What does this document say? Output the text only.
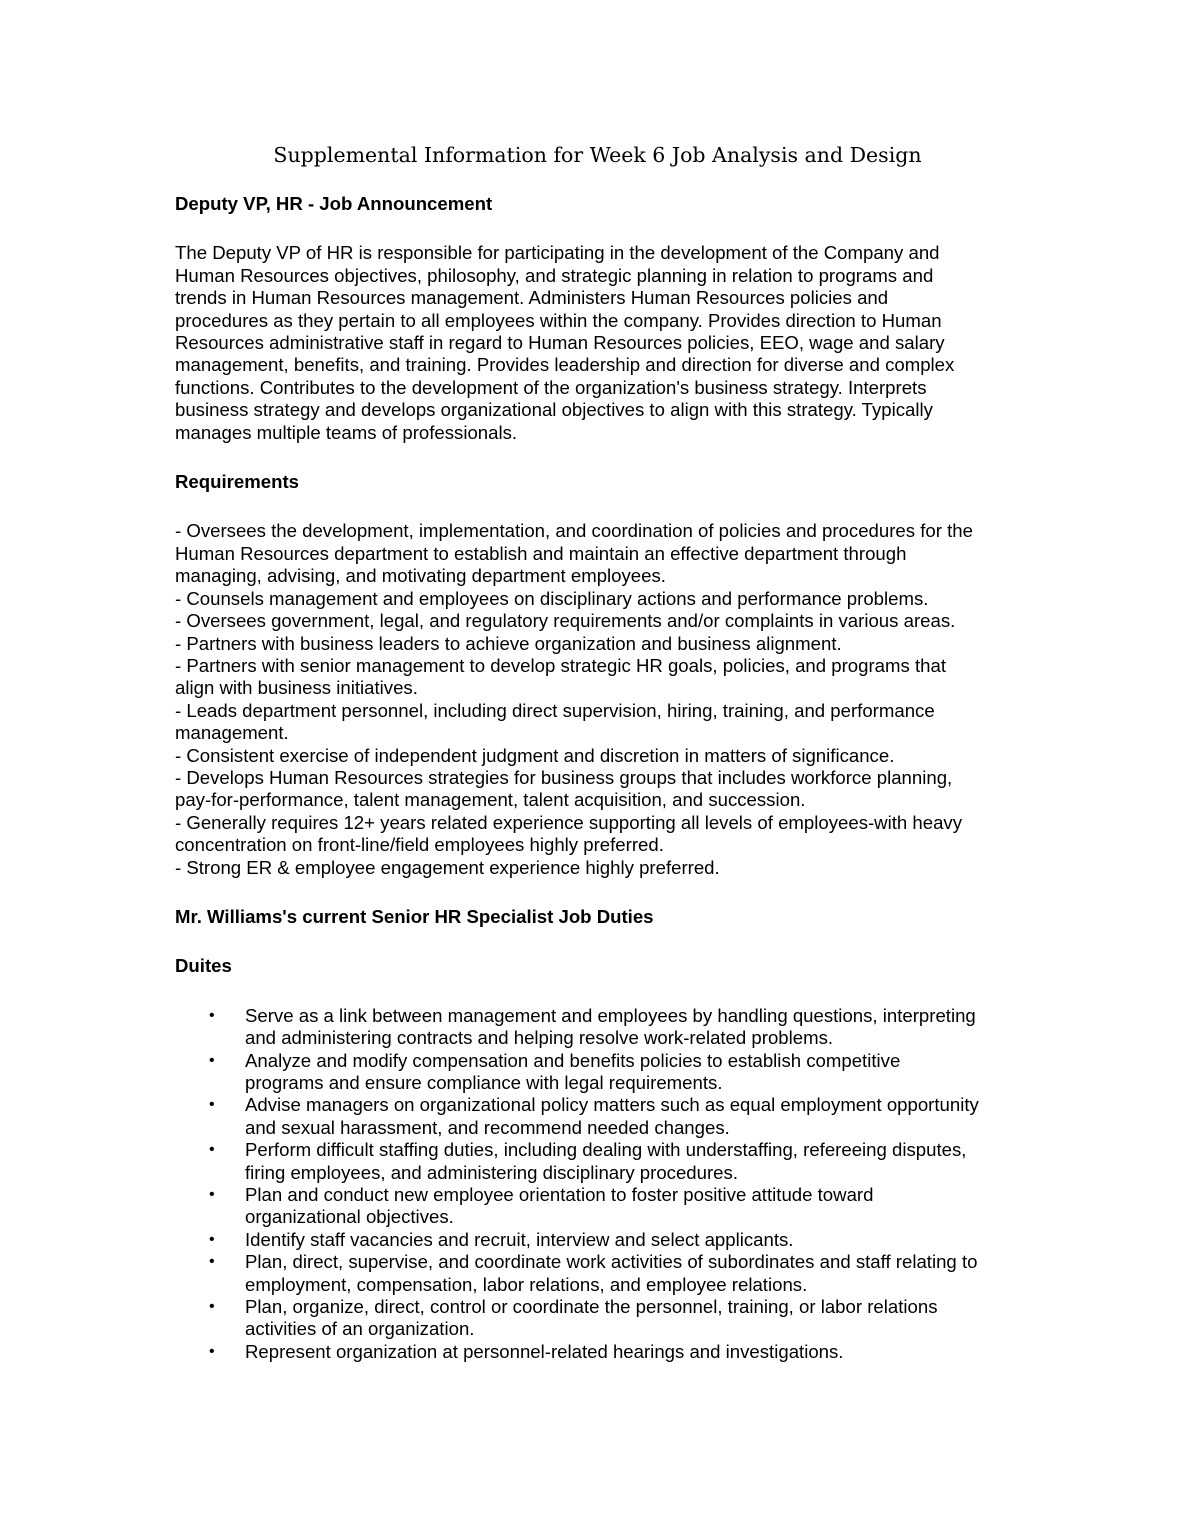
Supplemental Information for Week 6 Job Analysis and Design

Deputy VP, HR - Job Announcement

The Deputy VP of HR is responsible for participating in the development of the Company and
Human Resources objectives, philosophy, and strategic planning in relation to programs and
trends in Human Resources management. Administers Human Resources policies and
procedures as they pertain to all employees within the company. Provides direction to Human
Resources administrative staff in regard to Human Resources policies, EEO, wage and salary
management, benefits, and training. Provides leadership and direction for diverse and complex
functions. Contributes to the development of the organization's business strategy. Interprets
business strategy and develops organizational objectives to align with this strategy. Typically
manages multiple teams of professionals.

Requirements

- Oversees the development, implementation, and coordination of policies and procedures for the
Human Resources department to establish and maintain an effective department through
managing, advising, and motivating department employees.
- Counsels management and employees on disciplinary actions and performance problems.
- Oversees government, legal, and regulatory requirements and/or complaints in various areas.
- Partners with business leaders to achieve organization and business alignment.
- Partners with senior management to develop strategic HR goals, policies, and programs that
align with business initiatives.
- Leads department personnel, including direct supervision, hiring, training, and performance
management.
- Consistent exercise of independent judgment and discretion in matters of significance.
- Develops Human Resources strategies for business groups that includes workforce planning,
pay-for-performance, talent management, talent acquisition, and succession.
- Generally requires 12+ years related experience supporting all levels of employees-with heavy
concentration on front-line/field employees highly preferred.
- Strong ER & employee engagement experience highly preferred.

Mr. Williams's current Senior HR Specialist Job Duties

Duites

• Serve as a link between management and employees by handling questions, interpreting
and administering contracts and helping resolve work-related problems.
• Analyze and modify compensation and benefits policies to establish competitive
programs and ensure compliance with legal requirements.
• Advise managers on organizational policy matters such as equal employment opportunity
and sexual harassment, and recommend needed changes.
• Perform difficult staffing duties, including dealing with understaffing, refereeing disputes,
firing employees, and administering disciplinary procedures.
• Plan and conduct new employee orientation to foster positive attitude toward
organizational objectives.
• Identify staff vacancies and recruit, interview and select applicants.
• Plan, direct, supervise, and coordinate work activities of subordinates and staff relating to
employment, compensation, labor relations, and employee relations.
• Plan, organize, direct, control or coordinate the personnel, training, or labor relations
activities of an organization.
• Represent organization at personnel-related hearings and investigations.
